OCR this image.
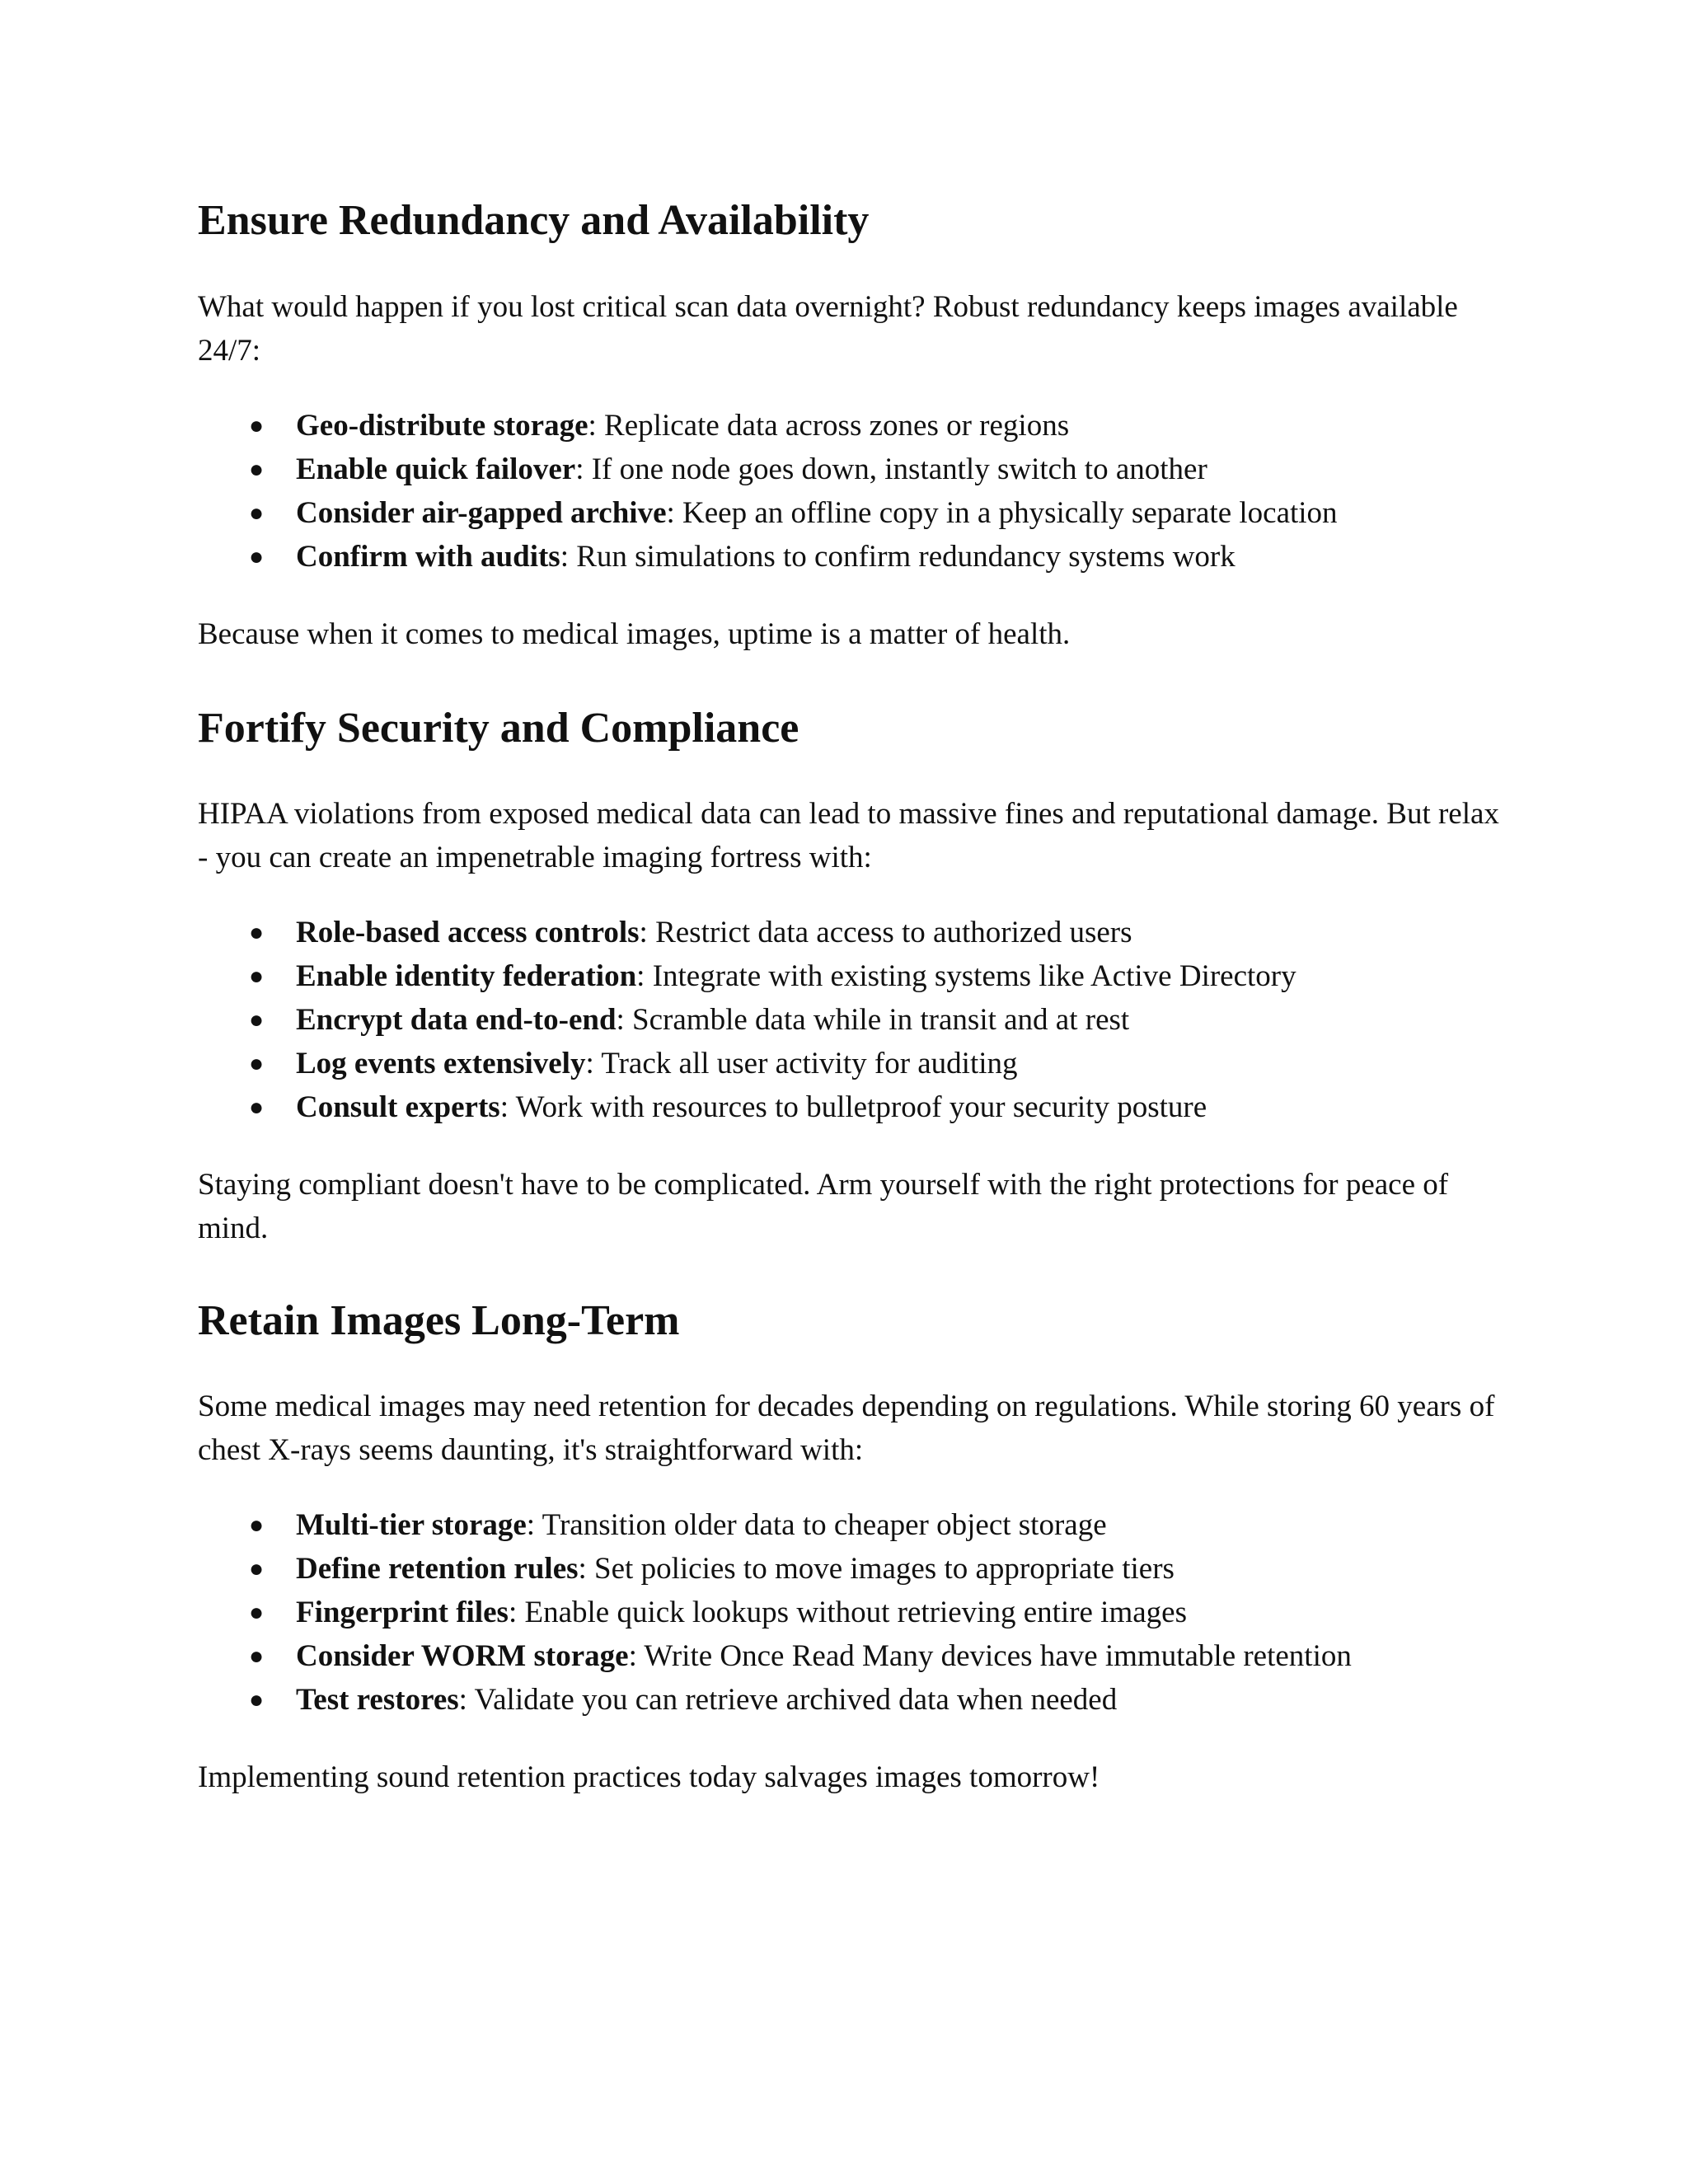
Ensure Redundancy and Availability

What would happen if you lost critical scan data overnight? Robust redundancy keeps images available 24/7:

● Geo-distribute storage: Replicate data across zones or regions
● Enable quick failover: If one node goes down, instantly switch to another
● Consider air-gapped archive: Keep an offline copy in a physically separate location
● Confirm with audits: Run simulations to confirm redundancy systems work

Because when it comes to medical images, uptime is a matter of health.

Fortify Security and Compliance

HIPAA violations from exposed medical data can lead to massive fines and reputational damage. But relax - you can create an impenetrable imaging fortress with:

● Role-based access controls: Restrict data access to authorized users
● Enable identity federation: Integrate with existing systems like Active Directory
● Encrypt data end-to-end: Scramble data while in transit and at rest
● Log events extensively: Track all user activity for auditing
● Consult experts: Work with resources to bulletproof your security posture

Staying compliant doesn't have to be complicated. Arm yourself with the right protections for peace of mind.

Retain Images Long-Term

Some medical images may need retention for decades depending on regulations. While storing 60 years of chest X-rays seems daunting, it's straightforward with:

● Multi-tier storage: Transition older data to cheaper object storage
● Define retention rules: Set policies to move images to appropriate tiers
● Fingerprint files: Enable quick lookups without retrieving entire images
● Consider WORM storage: Write Once Read Many devices have immutable retention
● Test restores: Validate you can retrieve archived data when needed

Implementing sound retention practices today salvages images tomorrow!
